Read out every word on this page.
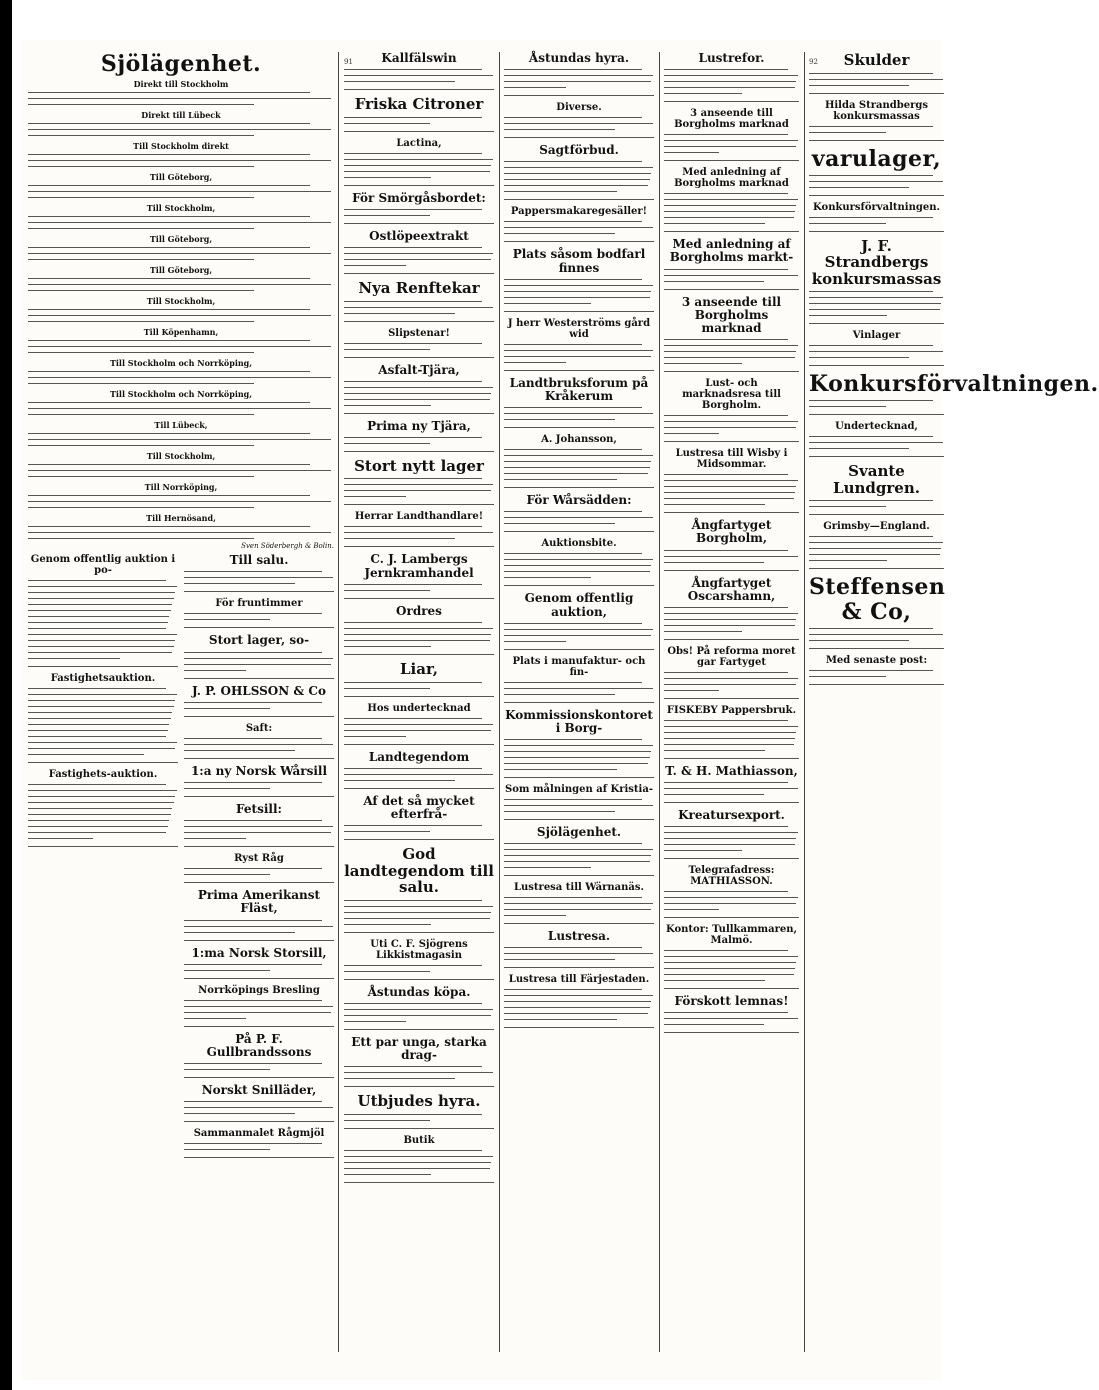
91	92
Sjölägenhet.
Direkt till Stockholm
Direkt till Lübeck
Till Stockholm direkt
Till Göteborg,
Till Stockholm,
Till Göteborg,
Till Göteborg,
Till Stockholm,
Till Köpenhamn,
Till Stockholm och Norrköping,
Till Stockholm och Norrköping,
Till Lübeck,
Till Stockholm,
Till Norrköping,
Till Hernösand,
Sven Söderbergh & Bolin.
Genom offentlig auktion i po-
Fastighetsauktion.
Fastighets-auktion.
Till salu.
För fruntimmer
Stort lager, so-
J. P. OHLSSON & Co
Saft:
1:a ny Norsk Wårsill
Fetsill:
Ryst Råg
Prima Amerikanst Fläst,
1:ma Norsk Storsill,
Norrköpings Bresling
På P. F. Gullbrandssons
Norskt Snilläder,
Sammanmalet Rågmjöl
Kallfälswin
Friska Citroner
Lactina,
För Smörgåsbordet:
Ostlöpeextrakt
Nya Renftekar
Slipstenar!
Asfalt-Tjära,
Prima ny Tjära,
Stort nytt lager
Herrar Landthandlare!
C. J. Lambergs Jernkramhandel
Ordres
Liar,
Hos undertecknad
Landtegendom
Af det så mycket efterfrå-
God landtegendom till salu.
Uti C. F. Sjögrens Likkistmagasin
Åstundas köpa.
Ett par unga, starka drag-
Utbjudes hyra.
Butik
Åstundas hyra.
Diverse.
Sagtförbud.
Pappersmakaregesäller!
Plats såsom bodfarl finnes
J herr Westerströms gård wid
Landtbruksforum på Kråkerum
A. Johansson,
För Wårsädden:
Auktionsbite.
Genom offentlig auktion,
Plats i manufaktur- och fin-
Kommissionskontoret i Borg-
Som målningen af Kristia-
Sjölägenhet.
Lustresa till Wärnanäs.
Lustresa.
Lustresa till Färjestaden.
Lustrefor.
3 anseende till Borgholms marknad
Med anledning af Borgholms marknad
Med anledning af Borgholms markt-
3 anseende till Borgholms marknad
Lust- och marknadsresa till Borgholm.
Lustresa till Wisby i Midsommar.
Ångfartyget Borgholm,
Ångfartyget Oscarshamn,
Obs! På reforma moret gar Fartyget
FISKEBY Pappersbruk.
T. & H. Mathiasson,
Kreatursexport.
Telegrafadress: MATHIASSON.
Kontor: Tullkammaren, Malmö.
Förskott lemnas!
Skulder
Hilda Strandbergs konkursmassas
varulager,
Konkursförvaltningen.
J. F. Strandbergs konkursmassas
Vinlager
Konkursförvaltningen.
Undertecknad,
Svante Lundgren.
Grimsby—England.
Steffensen & Co,
Med senaste post:
